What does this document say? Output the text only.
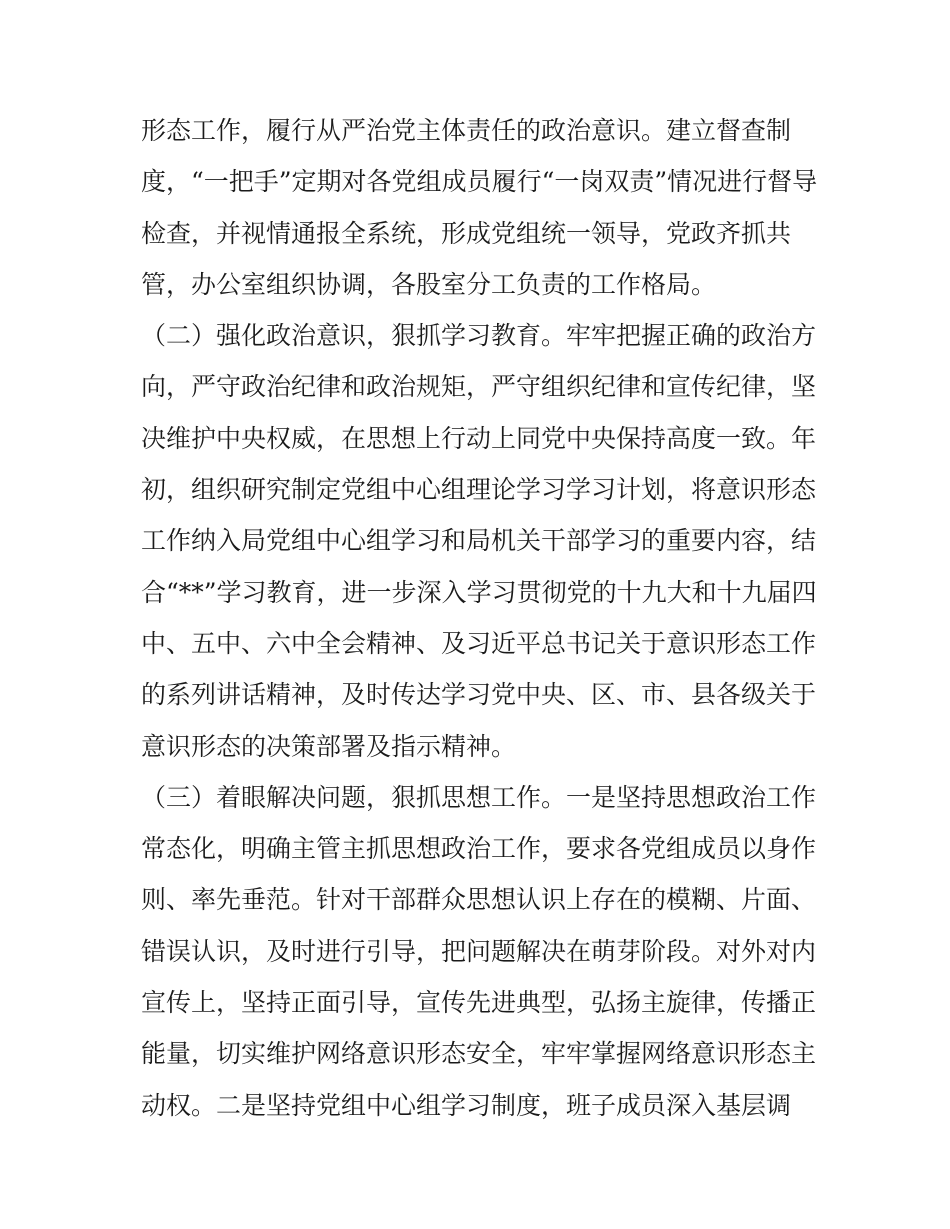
形态工作，履行从严治党主体责任的政治意识。建立督查制
度，“一把手”定期对各党组成员履行“一岗双责”情况进行督导
检查，并视情通报全系统，形成党组统一领导，党政齐抓共
管，办公室组织协调，各股室分工负责的工作格局。
（二）强化政治意识，狠抓学习教育。牢牢把握正确的政治方
向，严守政治纪律和政治规矩，严守组织纪律和宣传纪律，坚
决维护中央权威，在思想上行动上同党中央保持高度一致。年
初，组织研究制定党组中心组理论学习学习计划，将意识形态
工作纳入局党组中心组学习和局机关干部学习的重要内容，结
合“**”学习教育，进一步深入学习贯彻党的十九大和十九届四
中、五中、六中全会精神、及习近平总书记关于意识形态工作
的系列讲话精神，及时传达学习党中央、区、市、县各级关于
意识形态的决策部署及指示精神。
（三）着眼解决问题，狠抓思想工作。一是坚持思想政治工作
常态化，明确主管主抓思想政治工作，要求各党组成员以身作
则、率先垂范。针对干部群众思想认识上存在的模糊、片面、
错误认识，及时进行引导，把问题解决在萌芽阶段。对外对内
宣传上，坚持正面引导，宣传先进典型，弘扬主旋律，传播正
能量，切实维护网络意识形态安全，牢牢掌握网络意识形态主
动权。二是坚持党组中心组学习制度，班子成员深入基层调
